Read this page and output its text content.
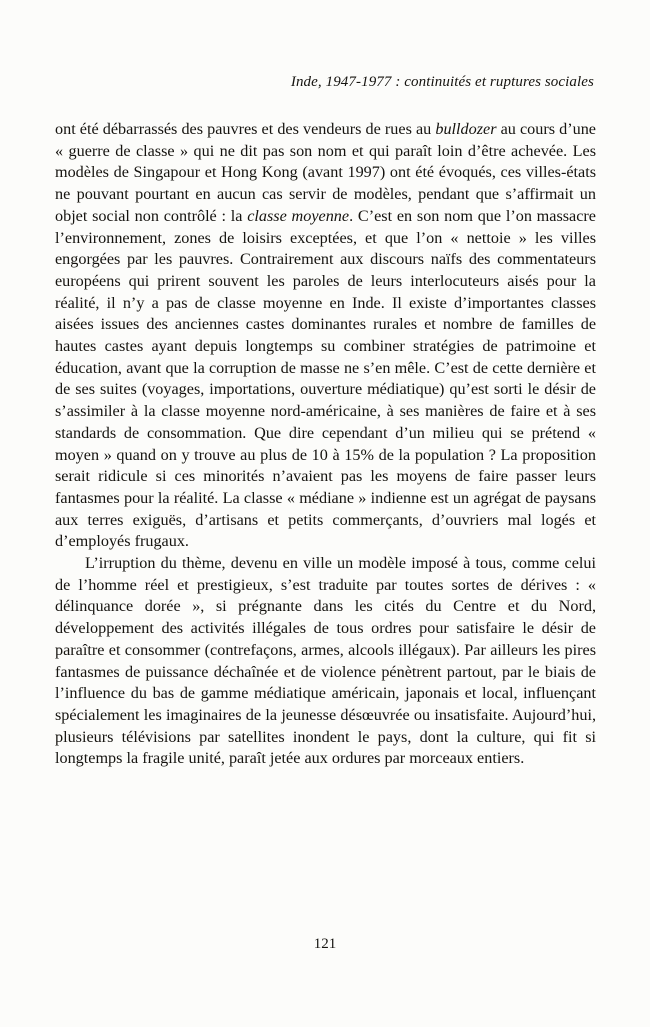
Inde, 1947-1977 : continuités et ruptures sociales

ont été débarrassés des pauvres et des vendeurs de rues au bulldozer au cours d’une « guerre de classe » qui ne dit pas son nom et qui paraît loin d’être achevée. Les modèles de Singapour et Hong Kong (avant 1997) ont été évoqués, ces villes-états ne pouvant pourtant en aucun cas servir de modèles, pendant que s’affirmait un objet social non contrôlé : la classe moyenne. C’est en son nom que l’on massacre l’environnement, zones de loisirs exceptées, et que l’on « nettoie » les villes engorgées par les pauvres. Contrairement aux discours naïfs des commentateurs européens qui prirent souvent les paroles de leurs interlocuteurs aisés pour la réalité, il n’y a pas de classe moyenne en Inde. Il existe d’importantes classes aisées issues des anciennes castes dominantes rurales et nombre de familles de hautes castes ayant depuis longtemps su combiner stratégies de patrimoine et éducation, avant que la corruption de masse ne s’en mêle. C’est de cette dernière et de ses suites (voyages, importations, ouverture médiatique) qu’est sorti le désir de s’assimiler à la classe moyenne nord-américaine, à ses manières de faire et à ses standards de consommation. Que dire cependant d’un milieu qui se prétend « moyen » quand on y trouve au plus de 10 à 15% de la population ? La proposition serait ridicule si ces minorités n’avaient pas les moyens de faire passer leurs fantasmes pour la réalité. La classe « médiane » indienne est un agrégat de paysans aux terres exiguës, d’artisans et petits commerçants, d’ouvriers mal logés et d’employés frugaux.

L’irruption du thème, devenu en ville un modèle imposé à tous, comme celui de l’homme réel et prestigieux, s’est traduite par toutes sortes de dérives : « délinquance dorée », si prégnante dans les cités du Centre et du Nord, développement des activités illégales de tous ordres pour satisfaire le désir de paraître et consommer (contrefaçons, armes, alcools illégaux). Par ailleurs les pires fantasmes de puissance déchaînée et de violence pénètrent partout, par le biais de l’influence du bas de gamme médiatique américain, japonais et local, influençant spécialement les imaginaires de la jeunesse désœuvrée ou insatisfaite. Aujourd’hui, plusieurs télévisions par satellites inondent le pays, dont la culture, qui fit si longtemps la fragile unité, paraît jetée aux ordures par morceaux entiers.

121
